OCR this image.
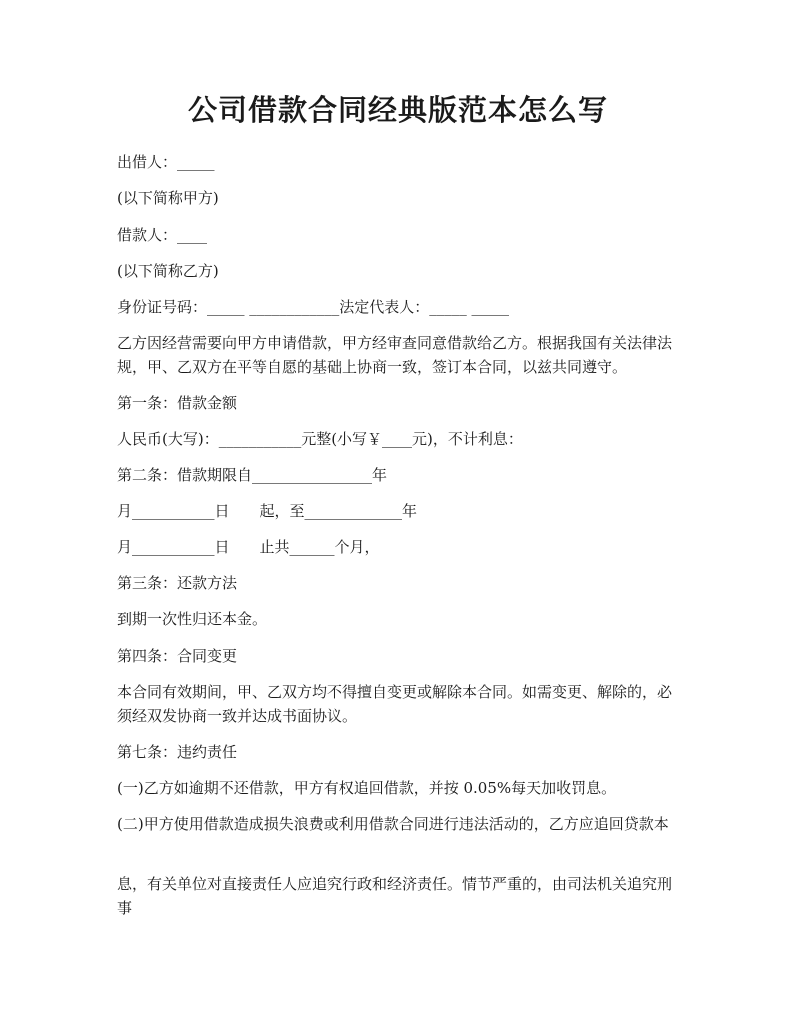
公司借款合同经典版范本怎么写
出借人：_____
(以下简称甲方)
借款人：____
(以下简称乙方)
身份证号码：_____ ____________法定代表人：_____ _____
乙方因经营需要向甲方申请借款，甲方经审查同意借款给乙方。根据我国有关法律法规，甲、乙双方在平等自愿的基础上协商一致，签订本合同，以兹共同遵守。
第一条：借款金额
人民币(大写)：___________元整(小写￥____元)，不计利息：
第二条：借款期限自________________年
月___________日　　起，至_____________年
月___________日　　止共______个月，
第三条：还款方法
到期一次性归还本金。
第四条：合同变更
本合同有效期间，甲、乙双方均不得擅自变更或解除本合同。如需变更、解除的，必须经双发协商一致并达成书面协议。
第七条：违约责任
(一)乙方如逾期不还借款，甲方有权追回借款，并按 0.05%每天加收罚息。
(二)甲方使用借款造成损失浪费或利用借款合同进行违法活动的，乙方应追回贷款本
息，有关单位对直接责任人应追究行政和经济责任。情节严重的，由司法机关追究刑事
